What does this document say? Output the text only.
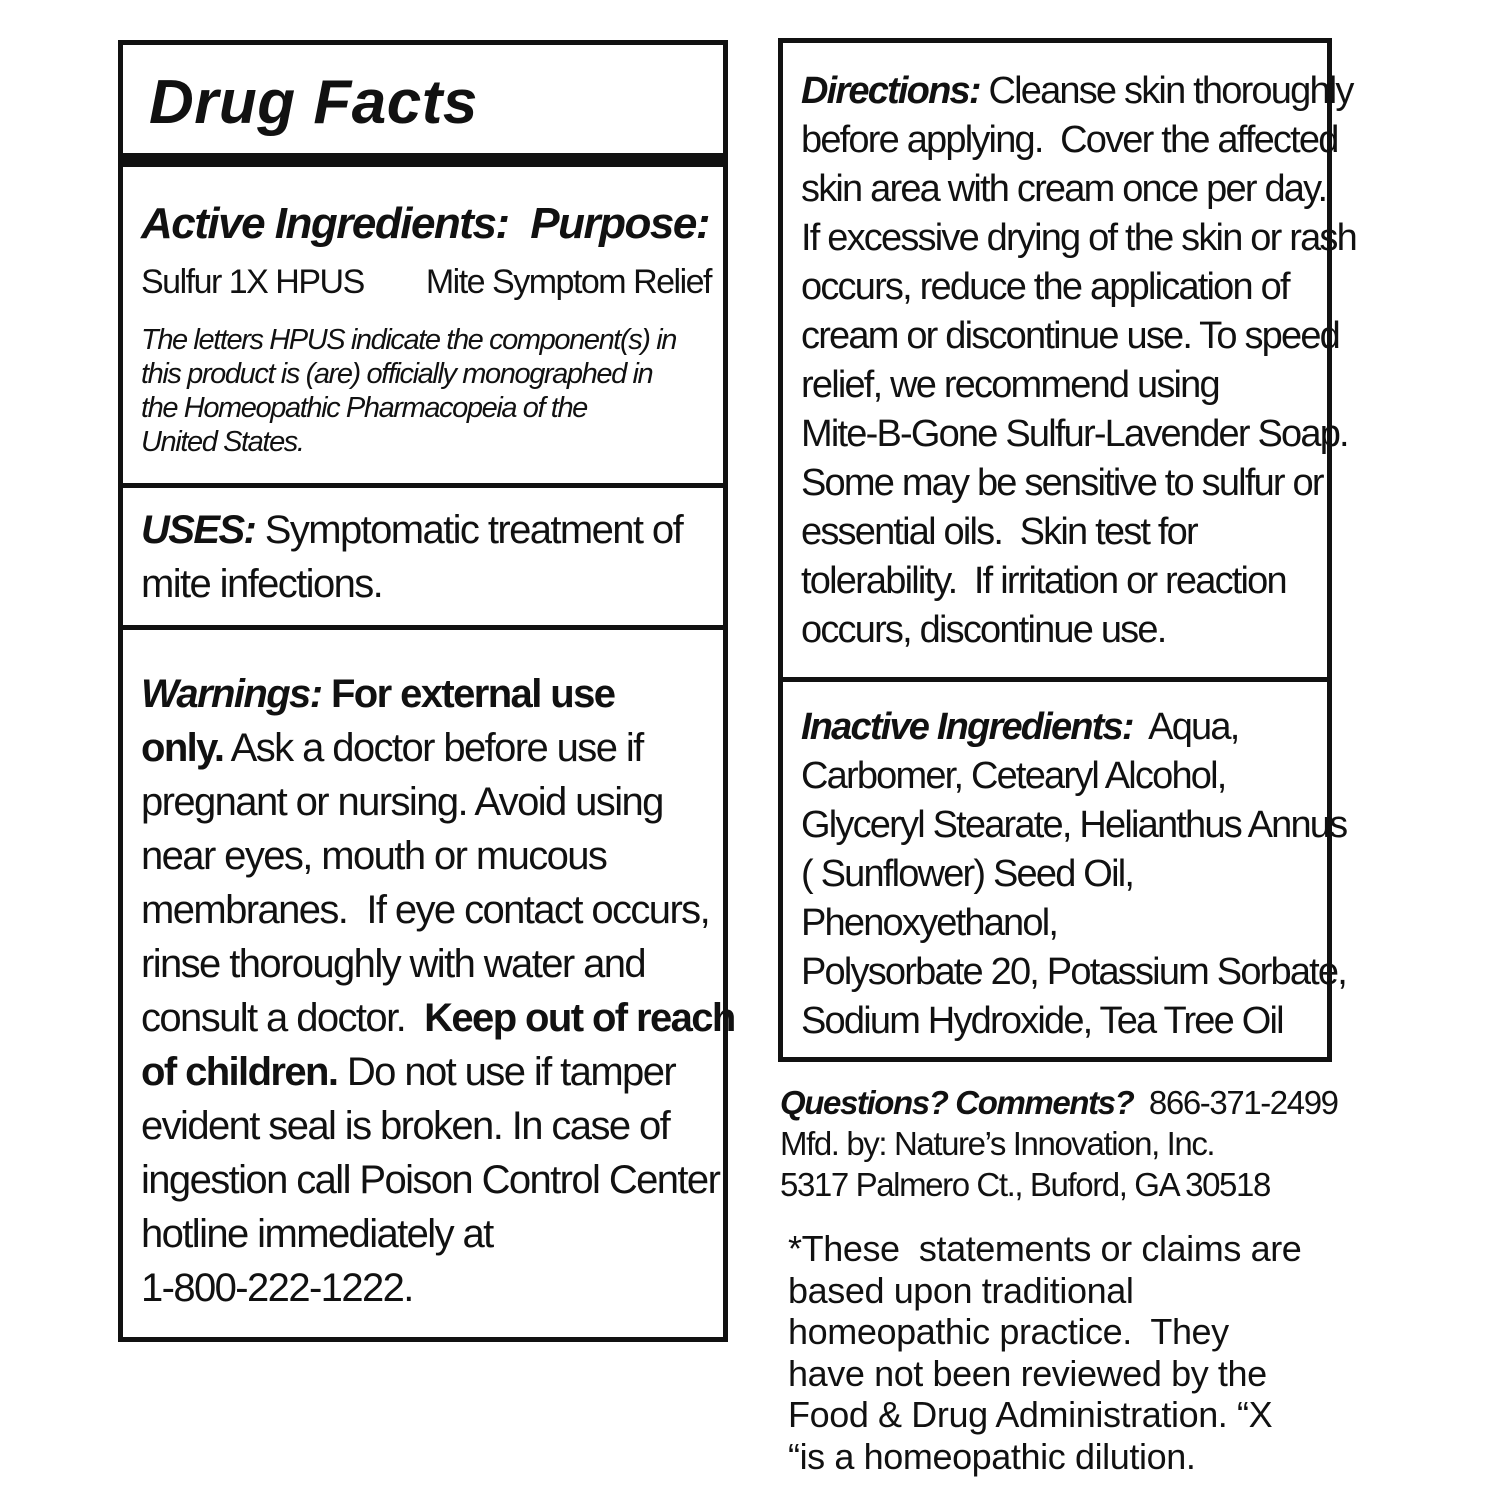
Drug Facts
Active Ingredients: Purpose:
Sulfur 1X HPUS Mite Symptom Relief
The letters HPUS indicate the component(s) in
this product is (are) officially monographed in
the Homeopathic Pharmacopeia of the
United States.
USES: Symptomatic treatment of
mite infections.
Warnings: For external use
only. Ask a doctor before use if
pregnant or nursing. Avoid using
near eyes, mouth or mucous
membranes.  If eye contact occurs,
rinse thoroughly with water and
consult a doctor.  Keep out of reach
of children. Do not use if tamper
evident seal is broken. In case of
ingestion call Poison Control Center
hotline immediately at
1-800-222-1222.
Directions: Cleanse skin thoroughly
before applying.  Cover the affected
skin area with cream once per day.
If excessive drying of the skin or rash
occurs, reduce the application of
cream or discontinue use. To speed
relief, we recommend using
Mite-B-Gone Sulfur-Lavender Soap.
Some may be sensitive to sulfur or
essential oils.  Skin test for
tolerability.  If irritation or reaction
occurs, discontinue use.
Inactive Ingredients:  Aqua,
Carbomer, Cetearyl Alcohol,
Glyceryl Stearate, Helianthus Annus
( Sunflower) Seed Oil,
Phenoxyethanol,
Polysorbate 20, Potassium Sorbate,
Sodium Hydroxide, Tea Tree Oil
Questions? Comments?  866-371-2499
Mfd. by: Nature’s Innovation, Inc.
5317 Palmero Ct., Buford, GA 30518
*These  statements or claims are
based upon traditional
homeopathic practice.  They
have not been reviewed by the
Food & Drug Administration. “X
“is a homeopathic dilution.
